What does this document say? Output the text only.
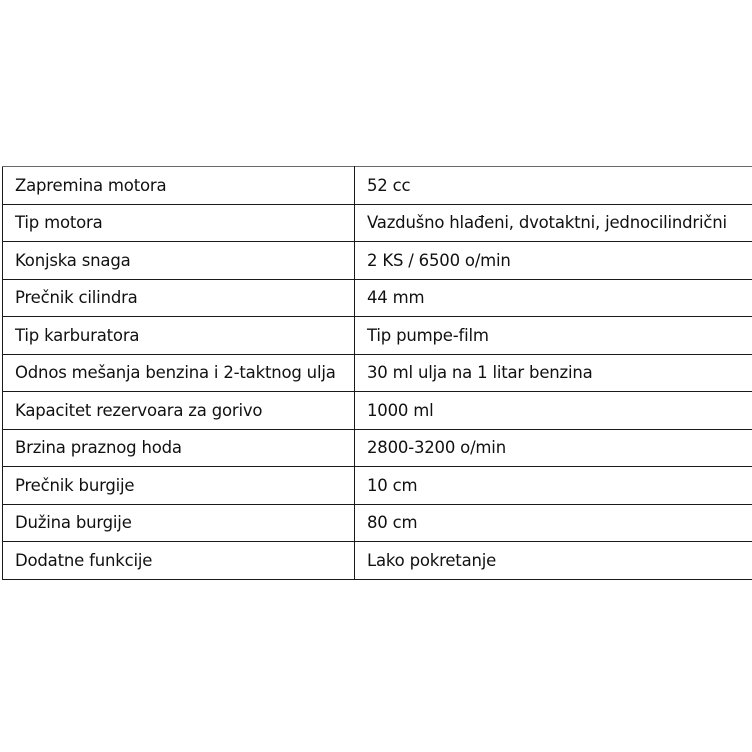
Zapremina motora	52 cc
Tip motora	Vazdušno hlađeni, dvotaktni, jednocilindrični
Konjska snaga	2 KS / 6500 o/min
Prečnik cilindra	44 mm
Tip karburatora	Tip pumpe-film
Odnos mešanja benzina i 2-taktnog ulja	30 ml ulja na 1 litar benzina
Kapacitet rezervoara za gorivo	1000 ml
Brzina praznog hoda	2800-3200 o/min
Prečnik burgije	10 cm
Dužina burgije	80 cm
Dodatne funkcije	Lako pokretanje
